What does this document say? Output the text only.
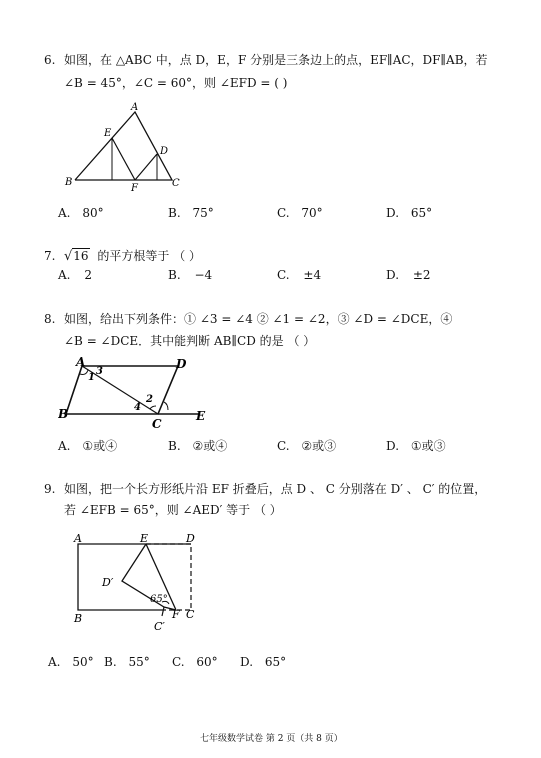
6. 如图，在 △ABC 中，点 D，E，F 分别是三条边上的点，EF∥AC，DF∥AB，若
∠B = 45°，∠C = 60°，则 ∠EFD = ( )
A
B	C
D
E
F
A. 80°	B. 75°	C. 70°	D. 65°
7. √16 的平方根等于 （ ）
A. 2	B. −4	C. ±4	D. ±2
8. 如图，给出下列条件：① ∠3 = ∠4 ② ∠1 = ∠2，③ ∠D = ∠DCE，④
∠B = ∠DCE．其中能判断 AB∥CD 的是 （ ）
A
B
C
D
E
1
2
3
4
A. ①或④	B. ②或④	C. ②或③	D. ①或③
9. 如图，把一个长方形纸片沿 EF 折叠后，点 D 、 C 分别落在 D′ 、 C′ 的位置，
若 ∠EFB = 65°，则 ∠AED′ 等于 （ ）
A
B	C
D
E
F
D′
C′
65°
A. 50° B. 55° C. 60° D. 65°
七年级数学试卷 第 2 页（共 8 页）
